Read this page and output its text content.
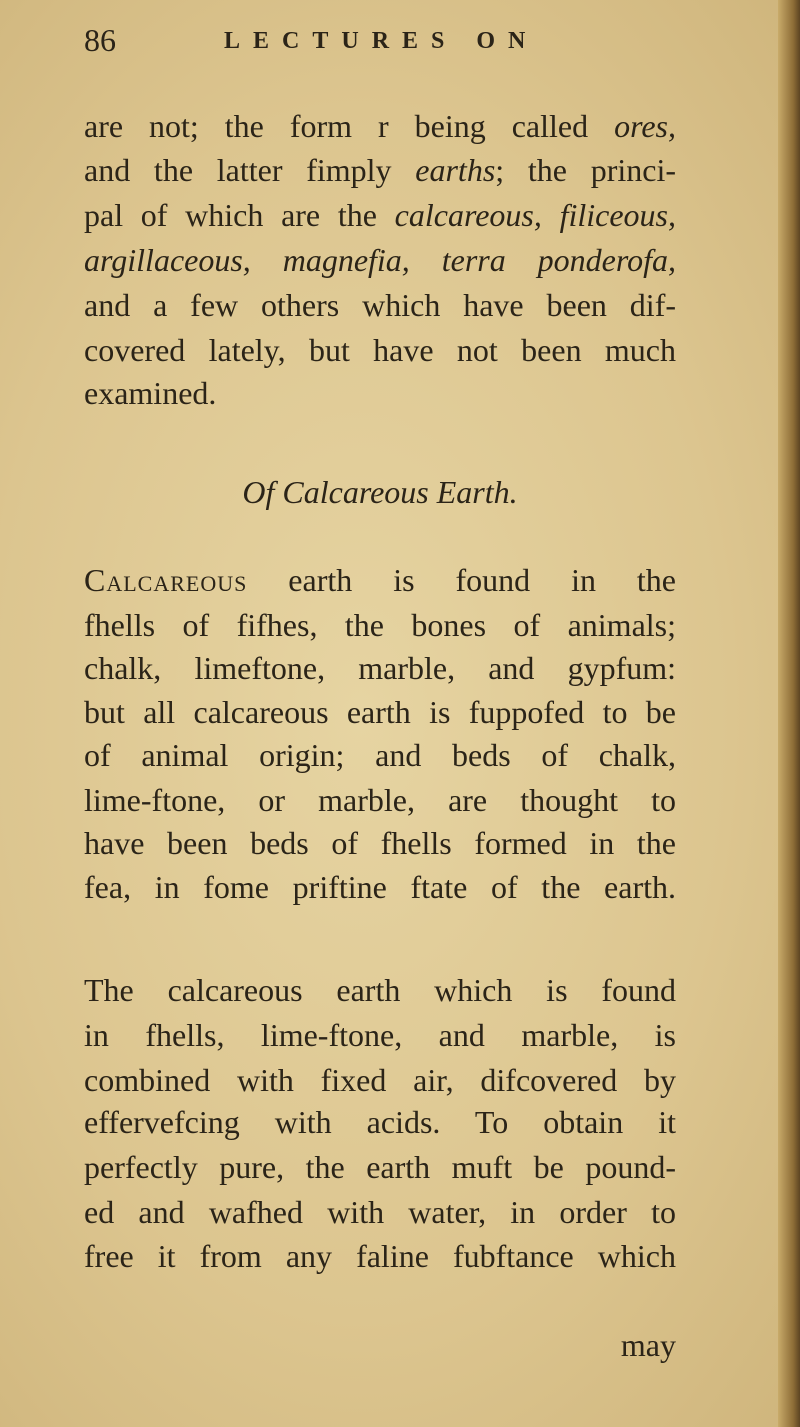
86	LECTURES ON
Of Calcareous Earth.
are not; the form r being called ores,
and the latter fimply earths; the princi-
pal of which are the calcareous, filiceous,
argillaceous, magnefia, terra ponderofa,
and a few others which have been dif-
covered lately, but have not been much
examined.
Calcareous earth is found in the
fhells of fifhes, the bones of animals;
chalk, limeftone, marble, and gypfum:
but all calcareous earth is fuppofed to be
of animal origin; and beds of chalk,
lime-ftone, or marble, are thought to
have been beds of fhells formed in the
fea, in fome priftine ftate of the earth.
The calcareous earth which is found
in fhells, lime-ftone, and marble, is
combined with fixed air, difcovered by
effervefcing with acids. To obtain it
perfectly pure, the earth muft be pound-
ed and wafhed with water, in order to
free it from any faline fubftance which
may
